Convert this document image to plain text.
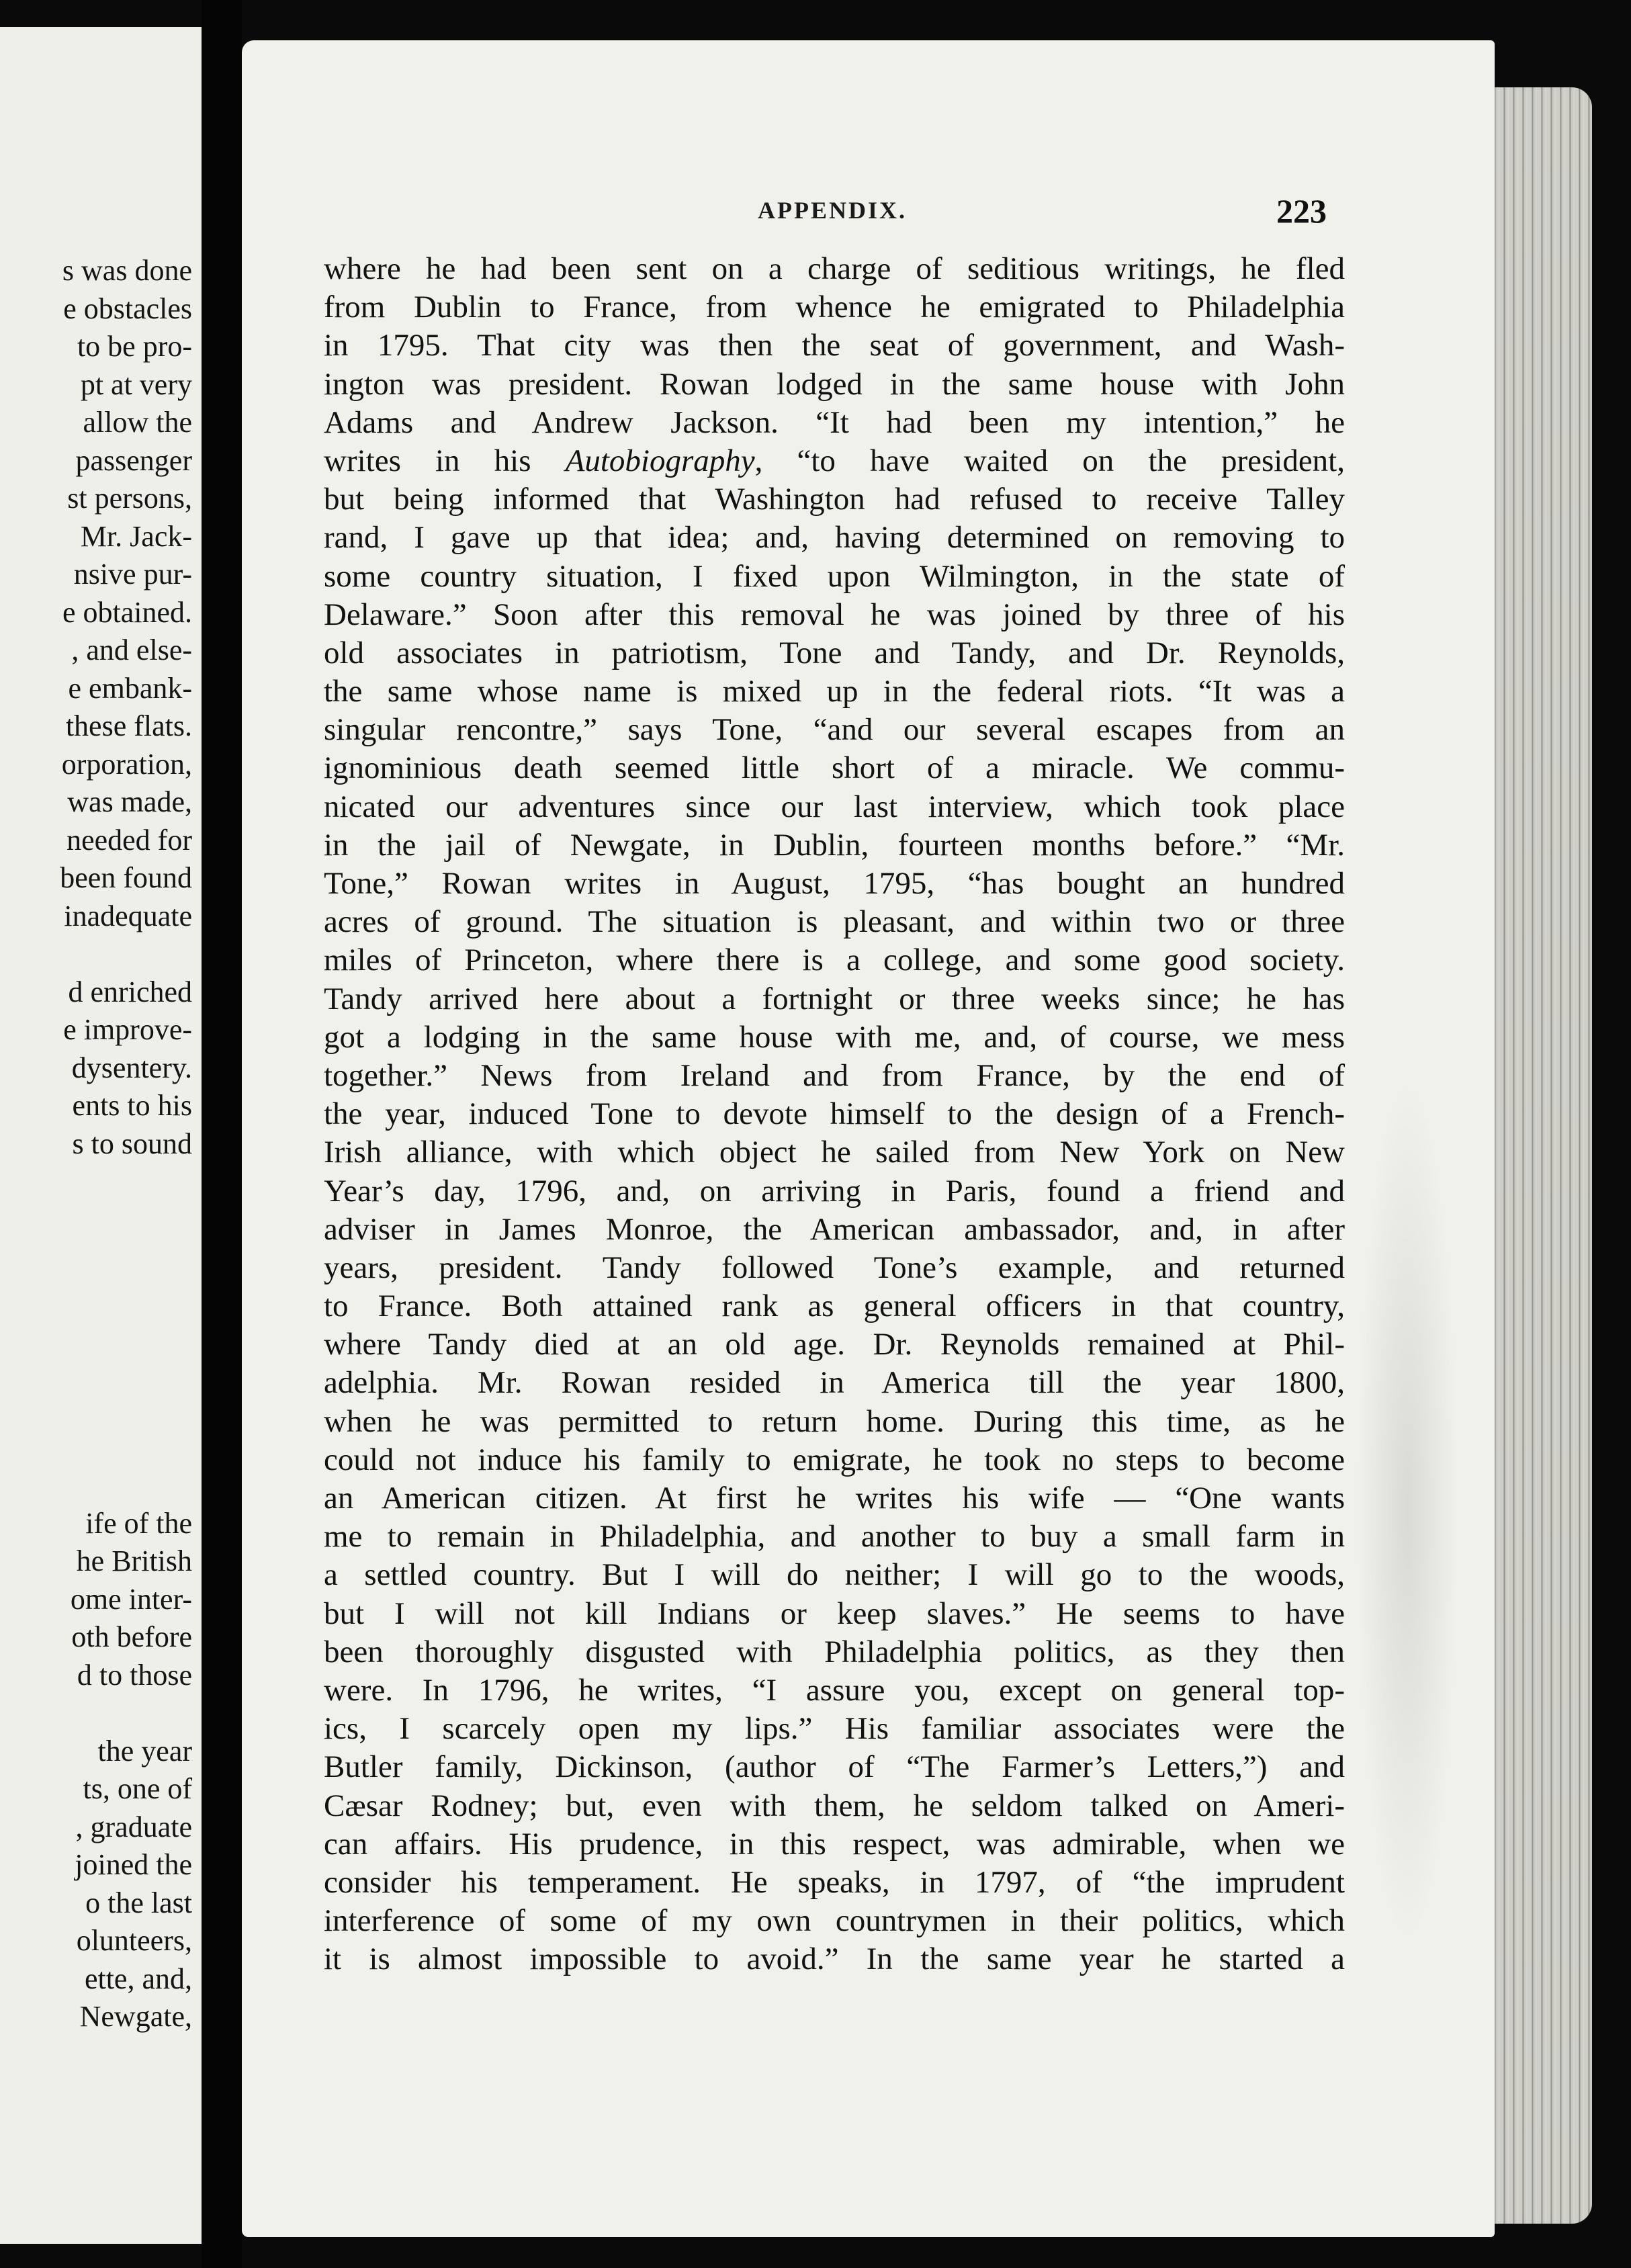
s was done
e obstacles
to be pro-
pt at very
allow the
passenger
st persons,
Mr. Jack-
nsive pur-
e obtained.
, and else-
e embank-
these flats.
orporation,
was made,
needed for
been found
inadequate
d enriched
e improve-
dysentery.
ents to his
s to sound
ife of the
he British
ome inter-
oth before
d to those
the year
ts, one of
, graduate
joined the
o the last
olunteers,
ette, and,
Newgate,
APPENDIX.	223
where he had been sent on a charge of seditious writings, he fled
from Dublin to France, from whence he emigrated to Philadelphia
in 1795. That city was then the seat of government, and Wash-
ington was president. Rowan lodged in the same house with John
Adams and Andrew Jackson. “It had been my intention,” he
writes in his Autobiography, “to have waited on the president,
but being informed that Washington had refused to receive Talley
rand, I gave up that idea; and, having determined on removing to
some country situation, I fixed upon Wilmington, in the state of
Delaware.” Soon after this removal he was joined by three of his
old associates in patriotism, Tone and Tandy, and Dr. Reynolds,
the same whose name is mixed up in the federal riots. “It was a
singular rencontre,” says Tone, “and our several escapes from an
ignominious death seemed little short of a miracle. We commu-
nicated our adventures since our last interview, which took place
in the jail of Newgate, in Dublin, fourteen months before.” “Mr.
Tone,” Rowan writes in August, 1795, “has bought an hundred
acres of ground. The situation is pleasant, and within two or three
miles of Princeton, where there is a college, and some good society.
Tandy arrived here about a fortnight or three weeks since; he has
got a lodging in the same house with me, and, of course, we mess
together.” News from Ireland and from France, by the end of
the year, induced Tone to devote himself to the design of a French-
Irish alliance, with which object he sailed from New York on New
Year’s day, 1796, and, on arriving in Paris, found a friend and
adviser in James Monroe, the American ambassador, and, in after
years, president. Tandy followed Tone’s example, and returned
to France. Both attained rank as general officers in that country,
where Tandy died at an old age. Dr. Reynolds remained at Phil-
adelphia. Mr. Rowan resided in America till the year 1800,
when he was permitted to return home. During this time, as he
could not induce his family to emigrate, he took no steps to become
an American citizen. At first he writes his wife — “One wants
me to remain in Philadelphia, and another to buy a small farm in
a settled country. But I will do neither; I will go to the woods,
but I will not kill Indians or keep slaves.” He seems to have
been thoroughly disgusted with Philadelphia politics, as they then
were. In 1796, he writes, “I assure you, except on general top-
ics, I scarcely open my lips.” His familiar associates were the
Butler family, Dickinson, (author of “The Farmer’s Letters,”) and
Cæsar Rodney; but, even with them, he seldom talked on Ameri-
can affairs. His prudence, in this respect, was admirable, when we
consider his temperament. He speaks, in 1797, of “the imprudent
interference of some of my own countrymen in their politics, which
it is almost impossible to avoid.” In the same year he started a
